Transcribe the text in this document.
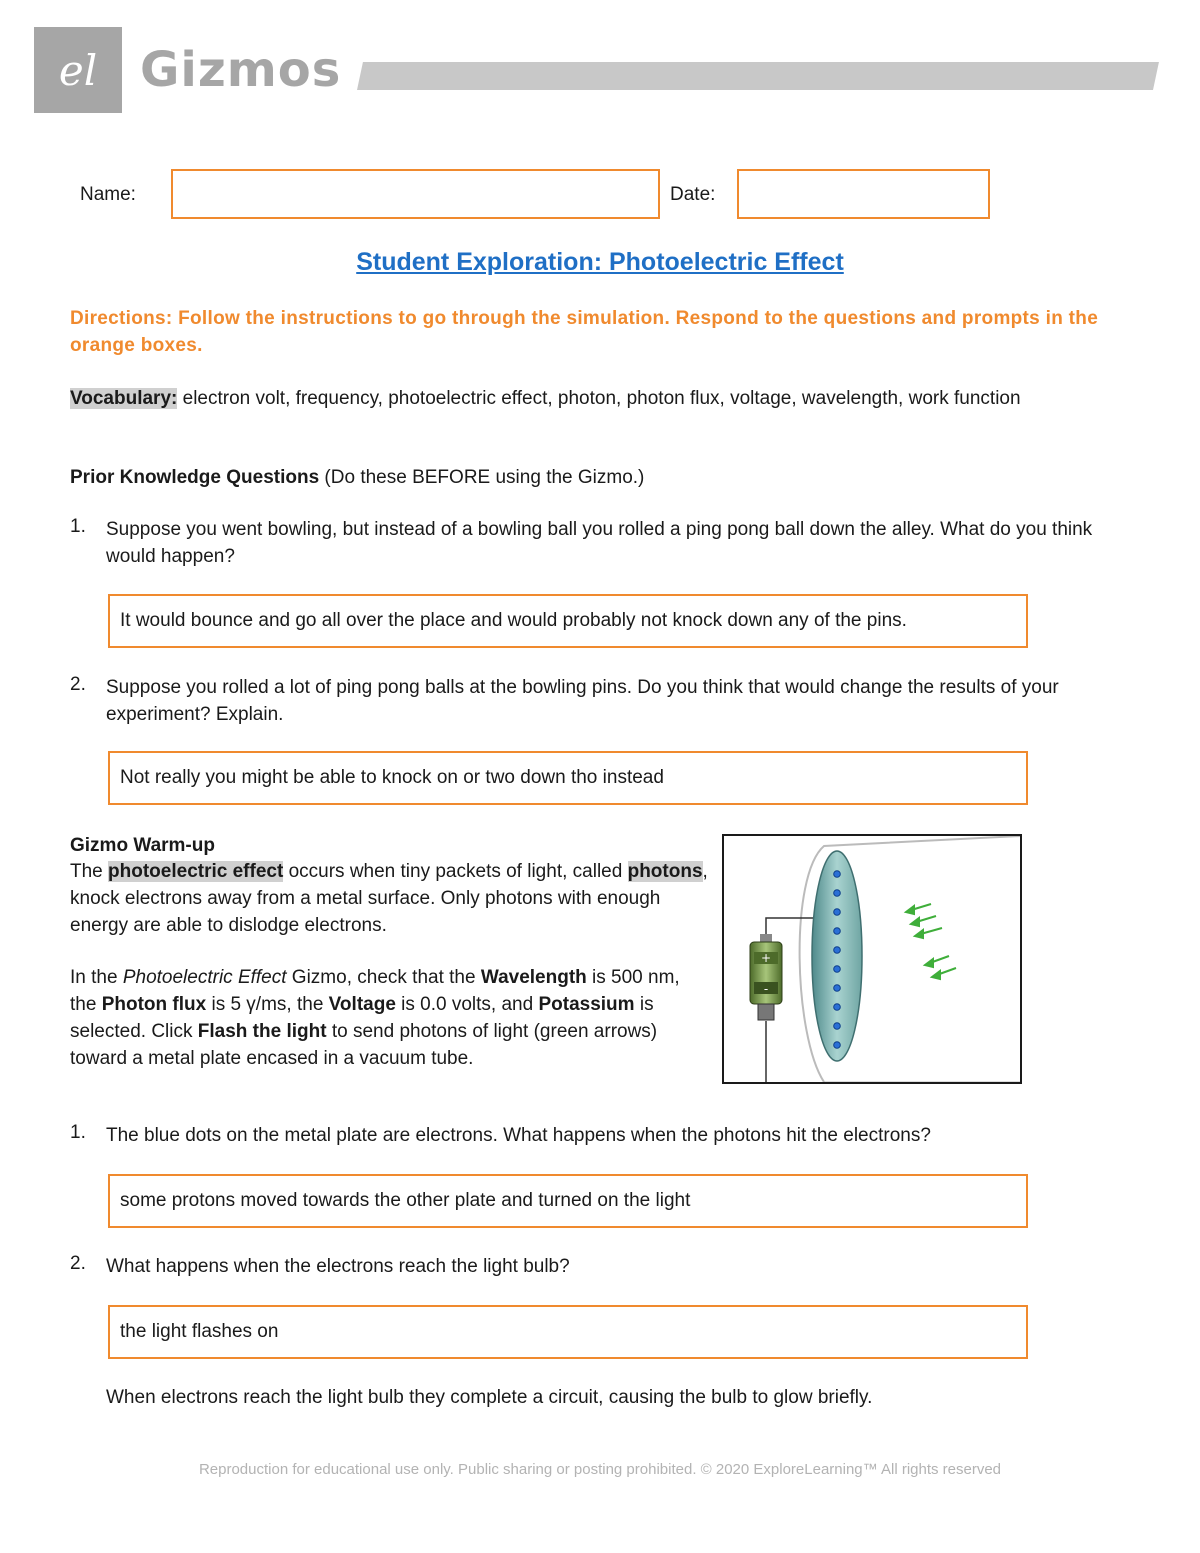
el Gizmos
Name:	Date:
Student Exploration: Photoelectric Effect
Directions: Follow the instructions to go through the simulation. Respond to the questions and prompts in the orange boxes.
Vocabulary: electron volt, frequency, photoelectric effect, photon, photon flux, voltage, wavelength, work function
Prior Knowledge Questions (Do these BEFORE using the Gizmo.)
1. Suppose you went bowling, but instead of a bowling ball you rolled a ping pong ball down the alley. What do you think would happen?
It would bounce and go all over the place and would probably not knock down any of the pins.
2. Suppose you rolled a lot of ping pong balls at the bowling pins. Do you think that would change the results of your experiment? Explain.
Not really you might be able to knock on or two down tho instead
Gizmo Warm-up
The photoelectric effect occurs when tiny packets of light, called photons, knock electrons away from a metal surface. Only photons with enough energy are able to dislodge electrons.
In the Photoelectric Effect Gizmo, check that the Wavelength is 500 nm, the Photon flux is 5 γ/ms, the Voltage is 0.0 volts, and Potassium is selected. Click Flash the light to send photons of light (green arrows) toward a metal plate encased in a vacuum tube.
+
-
1. The blue dots on the metal plate are electrons. What happens when the photons hit the electrons?
some protons moved towards the other plate and turned on the light
2. What happens when the electrons reach the light bulb?
the light flashes on
When electrons reach the light bulb they complete a circuit, causing the bulb to glow briefly.
Reproduction for educational use only. Public sharing or posting prohibited. © 2020 ExploreLearning™ All rights reserved
